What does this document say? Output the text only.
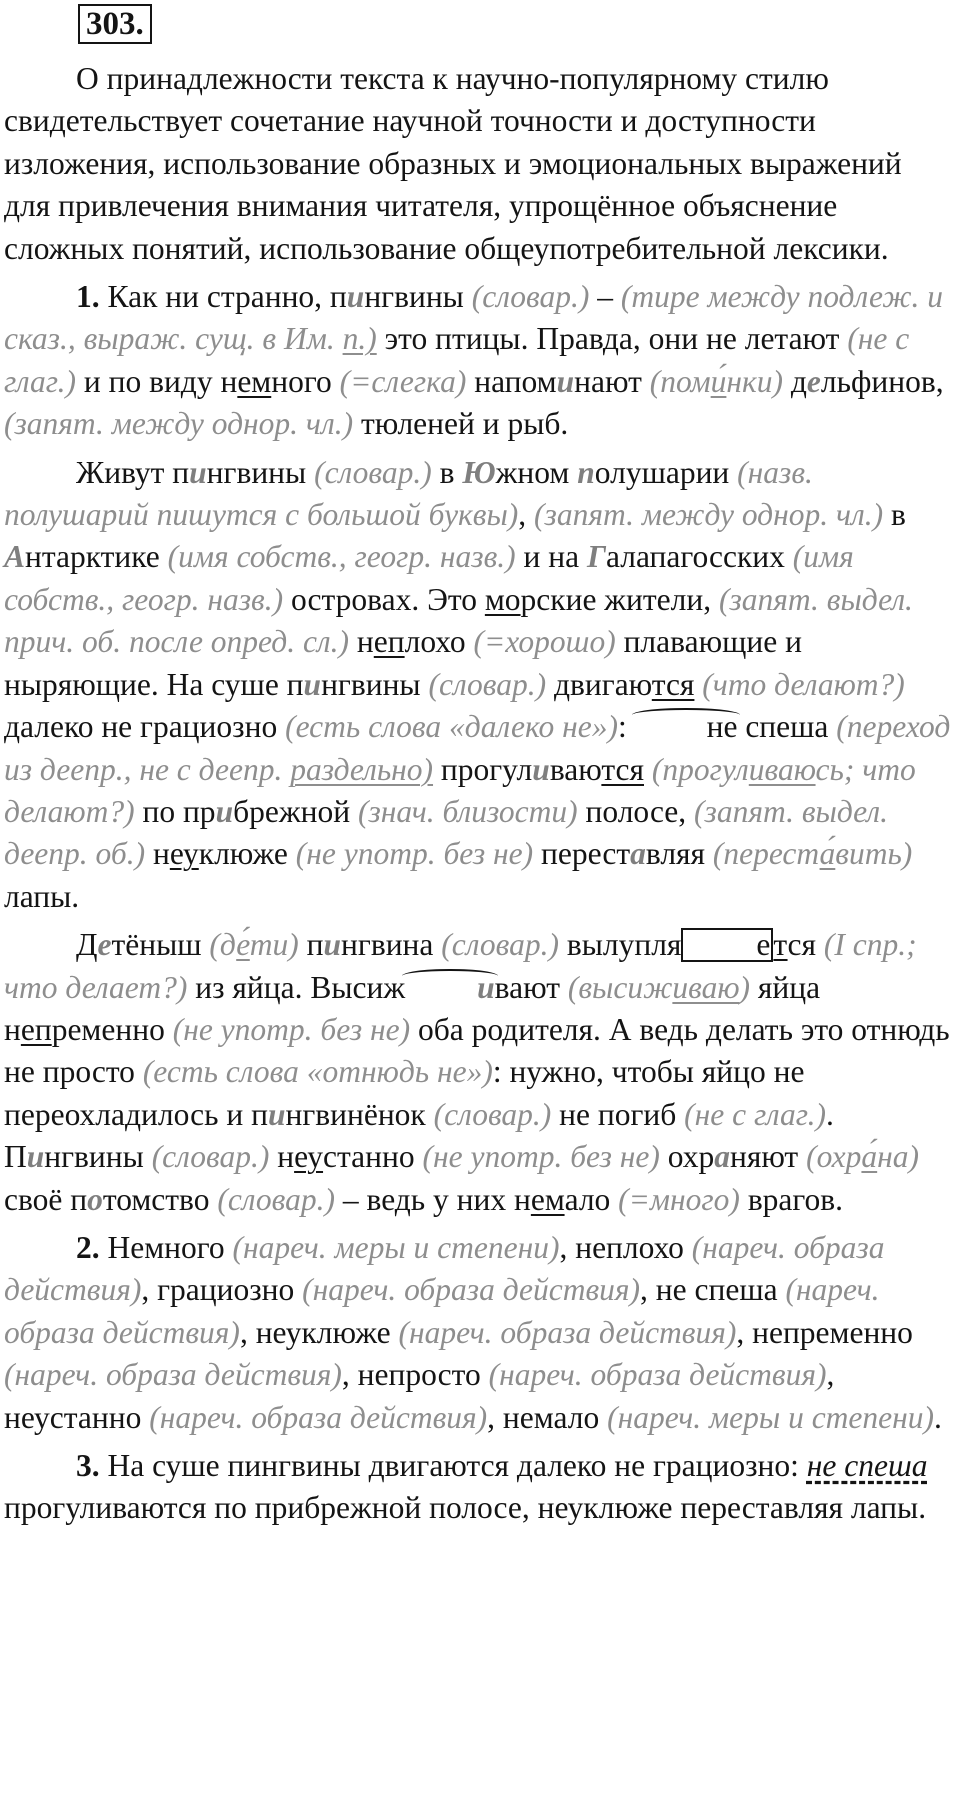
303.

О принадлежности текста к научно-популярному стилю свидетельствует сочетание научной точности и доступности изложения, использование образных и эмоциональных выражений для привлечения внимания читателя, упрощённое объяснение сложных понятий, использование общеупотребительной лексики.

1. Как ни странно, пингвины (словар.) – (тире между подлеж. и сказ., выраж. сущ. в Им. п.) это птицы. Правда, они не летают (не с глаг.) и по виду немного (=слегка) напоминают (поми́нки) дельфинов, (запят. между однор. чл.) тюленей и рыб.

Живут пингвины (словар.) в Южном полушарии (назв. полушарий пишутся с большой буквы), (запят. между однор. чл.) в Антарктике (имя собств., геогр. назв.) и на Галапагосских (имя собств., геогр. назв.) островах. Это морские жители, (запят. выдел. прич. об. после опред. сл.) неплохо (=хорошо) плавающие и ныряющие. На суше пингвины (словар.) двигаются (что делают?) далеко не грациозно (есть слова «далеко не»): не спеша (переход из деепр., не с деепр. раздельно) прогуливаются (прогуливаюсь; что делают?) по прибрежной (знач. близости) полосе, (запят. выдел. деепр. об.) неуклюже (не употр. без не) переставляя (переста́вить) лапы.

Детёныш (де́ти) пингвина (словар.) вылупля ется (I спр.; что делает?) из яйца. Высиж ивают (высиживаю) яйца непременно (не употр. без не) оба родителя. А ведь делать это отнюдь не просто (есть слова «отнюдь не»): нужно, чтобы яйцо не переохладилось и пингвинёнок (словар.) не погиб (не с глаг.). Пингвины (словар.) неустанно (не употр. без не) охраняют (охра́на) своё потомство (словар.) – ведь у них немало (=много) врагов.

2. Немного (нареч. меры и степени), неплохо (нареч. образа действия), грациозно (нареч. образа действия), не спеша (нареч. образа действия), неуклюже (нареч. образа действия), непременно (нареч. образа действия), непросто (нареч. образа действия), неустанно (нареч. образа действия), немало (нареч. меры и степени).

3. На суше пингвины двигаются далеко не грациозно: не спеша прогуливаются по прибрежной полосе, неуклюже переставляя лапы.
